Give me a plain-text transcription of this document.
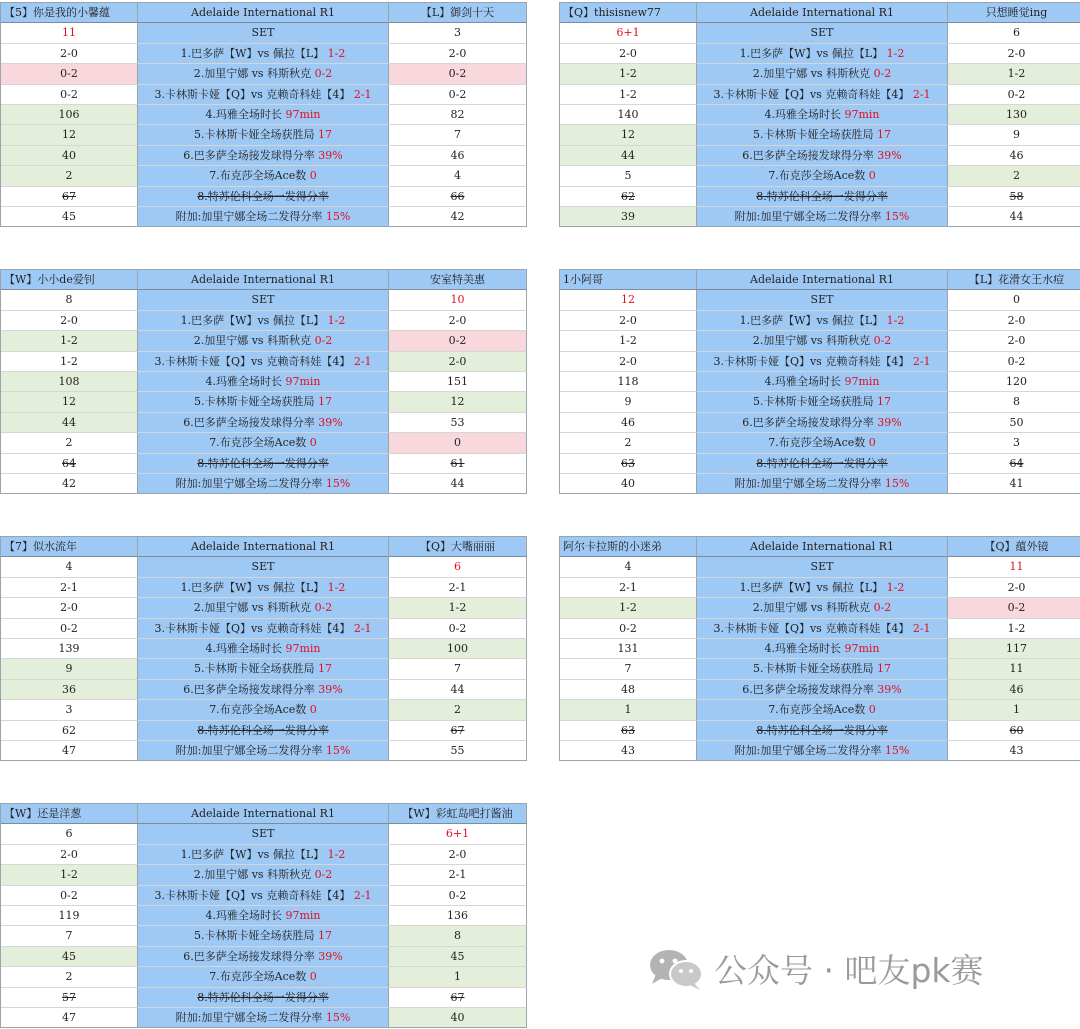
【5】你是我的小馨蕴	Adelaide International R1	【L】御剑十天
11	SET	3
2-0	1.巴多萨【W】vs 佩拉【L】 1-2	2-0
0-2	2.加里宁娜 vs 科斯秋克 0-2	0-2
0-2	3.卡林斯卡娅【Q】vs 克赖奇科娃【4】 2-1	0-2
106	4.玛雅全场时长 97min	82
12	5.卡林斯卡娅全场获胜局 17	7
40	6.巴多萨全场接发球得分率 39%	46
2	7.布克莎全场Ace数 0	4
67	8.特苏伦科全场一发得分率	66
45	附加:加里宁娜全场二发得分率 15%	42
【Q】thisisnew77	Adelaide International R1	只想睡觉ing
6+1	SET	6
2-0	1.巴多萨【W】vs 佩拉【L】 1-2	2-0
1-2	2.加里宁娜 vs 科斯秋克 0-2	1-2
1-2	3.卡林斯卡娅【Q】vs 克赖奇科娃【4】 2-1	0-2
140	4.玛雅全场时长 97min	130
12	5.卡林斯卡娅全场获胜局 17	9
44	6.巴多萨全场接发球得分率 39%	46
5	7.布克莎全场Ace数 0	2
62	8.特苏伦科全场一发得分率	58
39	附加:加里宁娜全场二发得分率 15%	44
【W】小小de爱钊	Adelaide International R1	安室特美惠
8	SET	10
2-0	1.巴多萨【W】vs 佩拉【L】 1-2	2-0
1-2	2.加里宁娜 vs 科斯秋克 0-2	0-2
1-2	3.卡林斯卡娅【Q】vs 克赖奇科娃【4】 2-1	2-0
108	4.玛雅全场时长 97min	151
12	5.卡林斯卡娅全场获胜局 17	12
44	6.巴多萨全场接发球得分率 39%	53
2	7.布克莎全场Ace数 0	0
64	8.特苏伦科全场一发得分率	61
42	附加:加里宁娜全场二发得分率 15%	44
1小阿哥	Adelaide International R1	【L】花滑女王水痘
12	SET	0
2-0	1.巴多萨【W】vs 佩拉【L】 1-2	2-0
1-2	2.加里宁娜 vs 科斯秋克 0-2	2-0
2-0	3.卡林斯卡娅【Q】vs 克赖奇科娃【4】 2-1	0-2
118	4.玛雅全场时长 97min	120
9	5.卡林斯卡娅全场获胜局 17	8
46	6.巴多萨全场接发球得分率 39%	50
2	7.布克莎全场Ace数 0	3
63	8.特苏伦科全场一发得分率	64
40	附加:加里宁娜全场二发得分率 15%	41
【7】似水流年	Adelaide International R1	【Q】大嘴丽丽
4	SET	6
2-1	1.巴多萨【W】vs 佩拉【L】 1-2	2-1
2-0	2.加里宁娜 vs 科斯秋克 0-2	1-2
0-2	3.卡林斯卡娅【Q】vs 克赖奇科娃【4】 2-1	0-2
139	4.玛雅全场时长 97min	100
9	5.卡林斯卡娅全场获胜局 17	7
36	6.巴多萨全场接发球得分率 39%	44
3	7.布克莎全场Ace数 0	2
62	8.特苏伦科全场一发得分率	67
47	附加:加里宁娜全场二发得分率 15%	55
阿尔卡拉斯的小迷弟	Adelaide International R1	【Q】蕴外镜
4	SET	11
2-1	1.巴多萨【W】vs 佩拉【L】 1-2	2-0
1-2	2.加里宁娜 vs 科斯秋克 0-2	0-2
0-2	3.卡林斯卡娅【Q】vs 克赖奇科娃【4】 2-1	1-2
131	4.玛雅全场时长 97min	117
7	5.卡林斯卡娅全场获胜局 17	11
48	6.巴多萨全场接发球得分率 39%	46
1	7.布克莎全场Ace数 0	1
63	8.特苏伦科全场一发得分率	60
43	附加:加里宁娜全场二发得分率 15%	43
【W】还是洋葱	Adelaide International R1	【W】彩虹岛吧打酱油
6	SET	6+1
2-0	1.巴多萨【W】vs 佩拉【L】 1-2	2-0
1-2	2.加里宁娜 vs 科斯秋克 0-2	2-1
0-2	3.卡林斯卡娅【Q】vs 克赖奇科娃【4】 2-1	0-2
119	4.玛雅全场时长 97min	136
7	5.卡林斯卡娅全场获胜局 17	8
45	6.巴多萨全场接发球得分率 39%	45
2	7.布克莎全场Ace数 0	1
57	8.特苏伦科全场一发得分率	67
47	附加:加里宁娜全场二发得分率 15%	40
公众号 · 吧友pk赛
